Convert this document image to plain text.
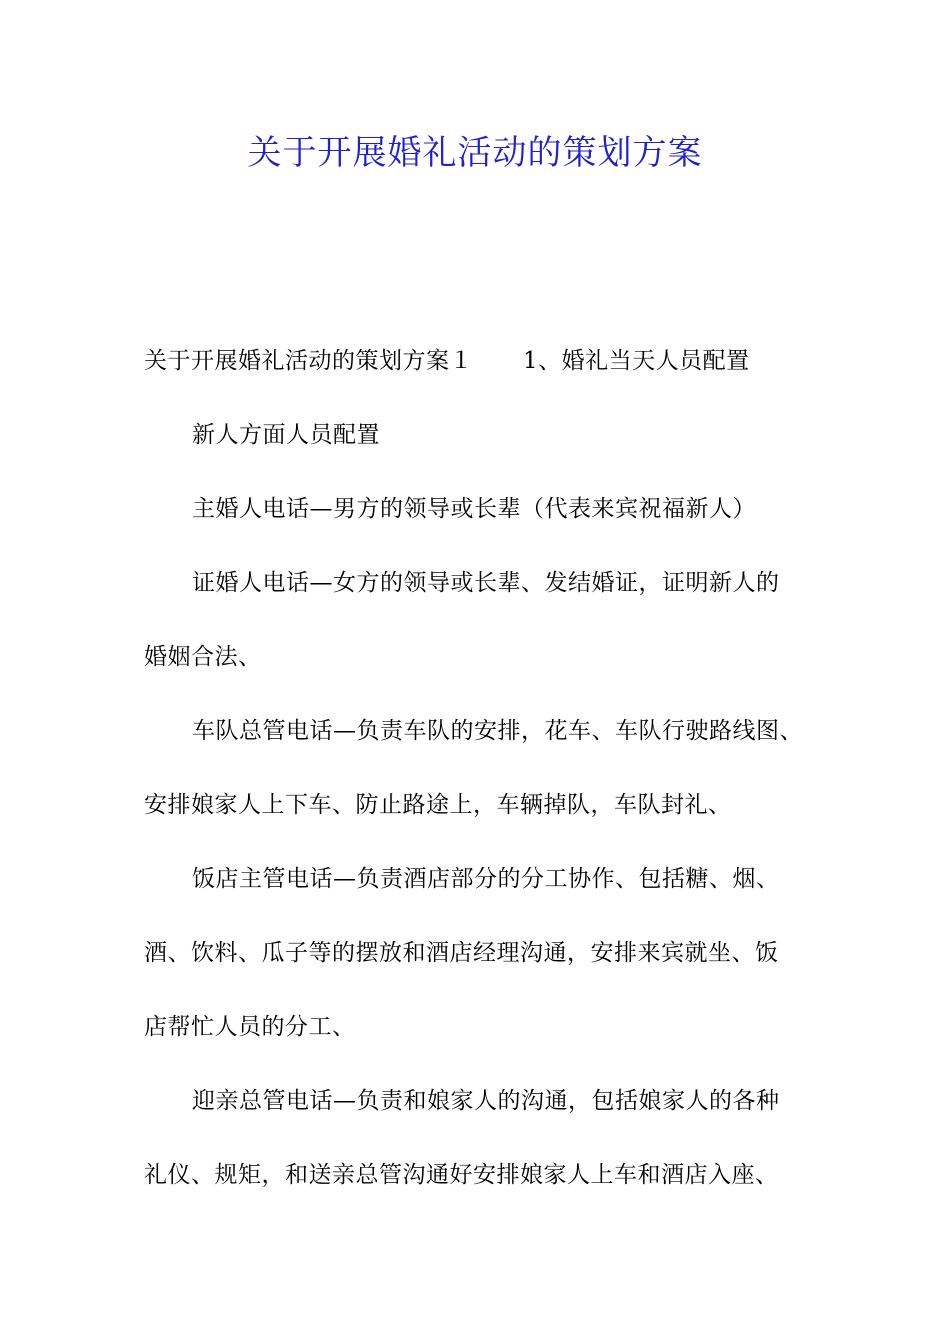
关于开展婚礼活动的策划方案
关于开展婚礼活动的策划方案１ 1、婚礼当天人员配置
新人方面人员配置
主婚人电话—男方的领导或长辈（代表来宾祝福新人）
证婚人电话—女方的领导或长辈、发结婚证，证明新人的
婚姻合法、
车队总管电话—负责车队的安排，花车、车队行驶路线图、
安排娘家人上下车、防止路途上，车辆掉队，车队封礼、
饭店主管电话—负责酒店部分的分工协作、包括糖、烟、
酒、饮料、瓜子等的摆放和酒店经理沟通，安排来宾就坐、饭
店帮忙人员的分工、
迎亲总管电话—负责和娘家人的沟通，包括娘家人的各种
礼仪、规矩，和送亲总管沟通好安排娘家人上车和酒店入座、
